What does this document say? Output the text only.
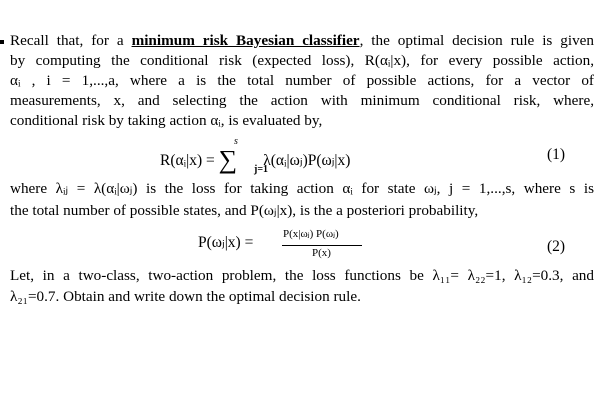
Recall that, for a minimum risk Bayesian classifier, the optimal decision rule is given
by computing the conditional risk (expected loss), R(αᵢ|x), for every possible action,
αᵢ , i = 1,...,a, where a is the total number of possible actions, for a vector of
measurements, x, and selecting the action with minimum conditional risk, where,
conditional risk by taking action αᵢ, is evaluated by,
R(αᵢ|x) = ∑ λ(αᵢ|ωⱼ)P(ωⱼ|x)
s
j=1
(1)
where λᵢⱼ = λ(αᵢ|ωⱼ) is the loss for taking action αᵢ for state ωⱼ, j = 1,...,s, where s is
the total number of possible states, and P(ωⱼ|x), is the a posteriori probability,
P(ωⱼ|x) =	P(x|ωⱼ) P(ωⱼ)
P(x)	(2)
Let, in a two-class, two-action problem, the loss functions be λ₁₁= λ₂₂=1, λ₁₂=0.3, and
λ₂₁=0.7. Obtain and write down the optimal decision rule.
